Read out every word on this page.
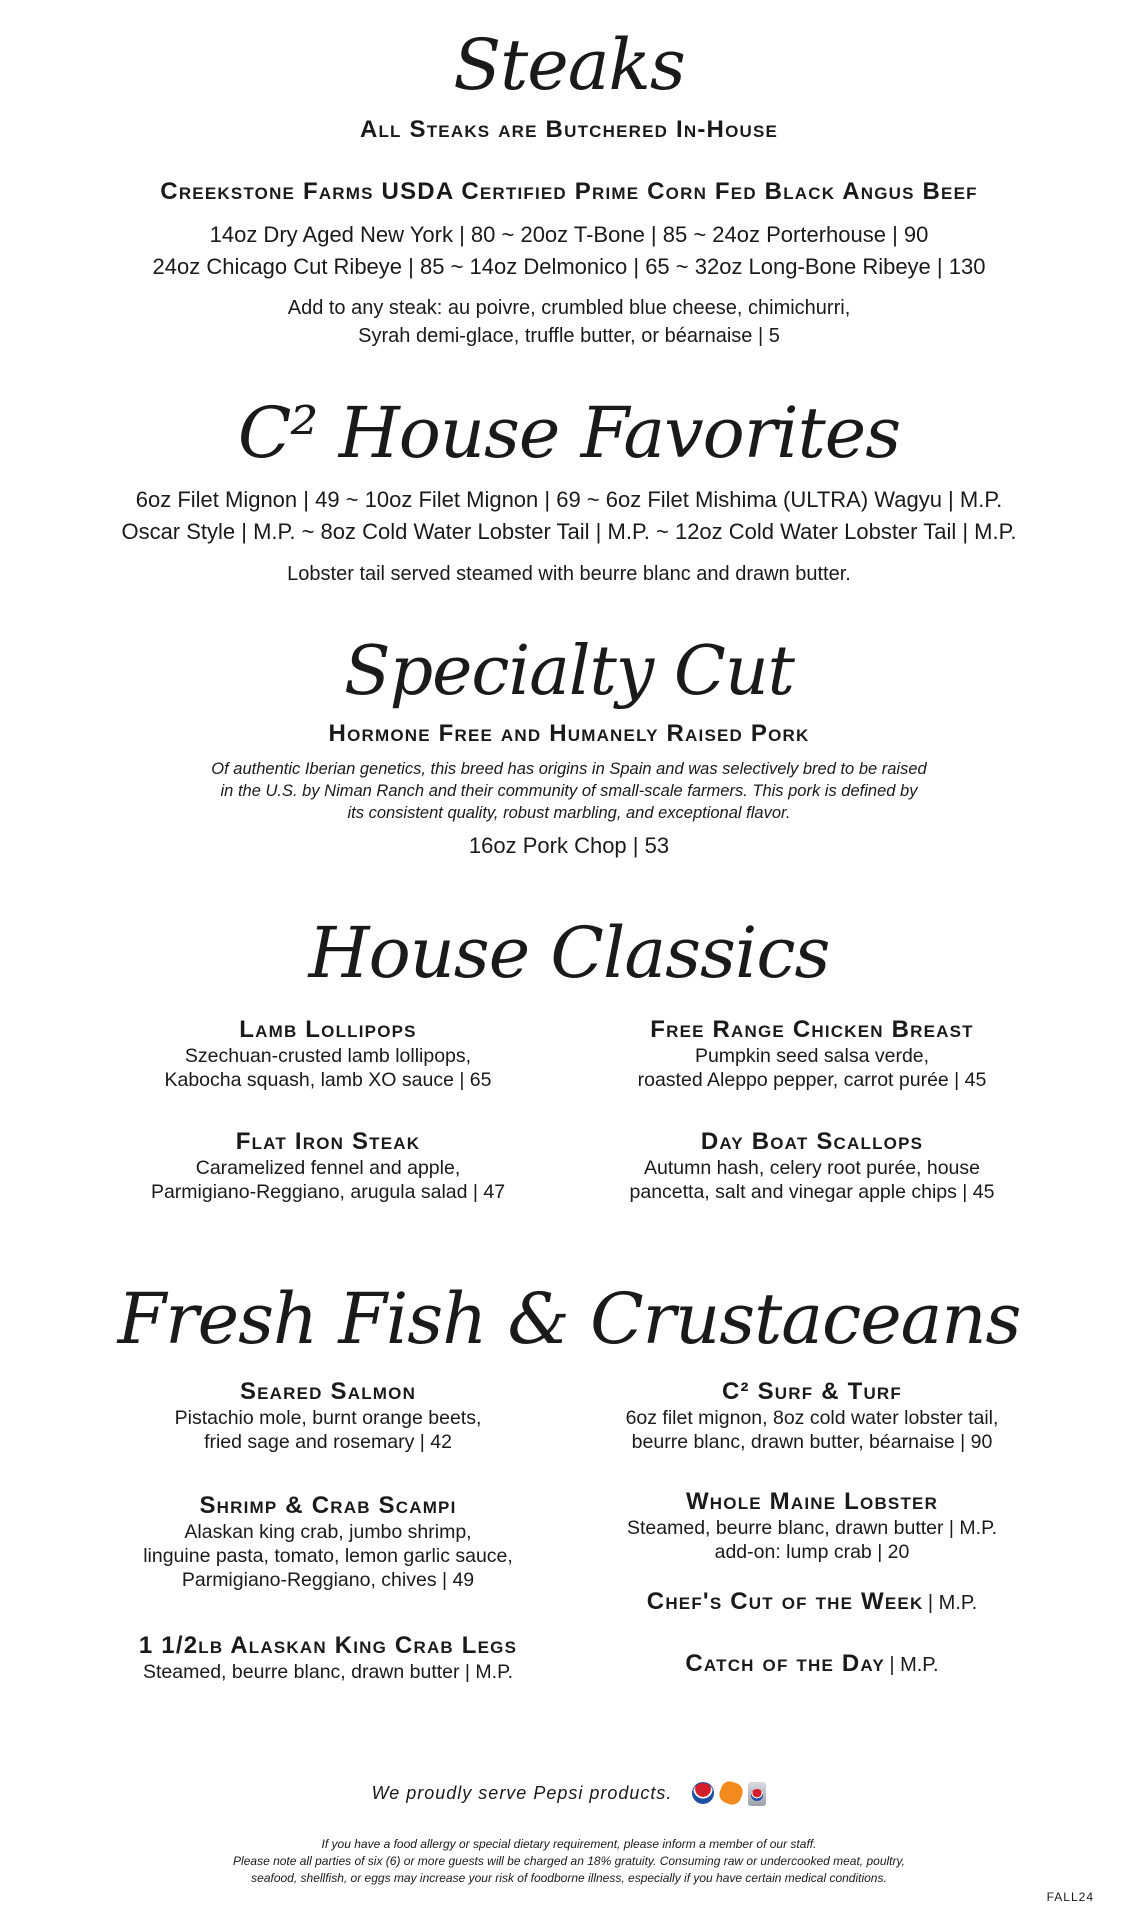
Steaks
All Steaks are Butchered In-House
Creekstone Farms USDA Certified Prime Corn Fed Black Angus Beef
14oz Dry Aged New York | 80 ~ 20oz T-Bone | 85 ~ 24oz Porterhouse | 90
24oz Chicago Cut Ribeye | 85 ~ 14oz Delmonico | 65 ~ 32oz Long-Bone Ribeye | 130
Add to any steak: au poivre, crumbled blue cheese, chimichurri,
Syrah demi-glace, truffle butter, or béarnaise | 5
C² House Favorites
6oz Filet Mignon | 49 ~ 10oz Filet Mignon | 69 ~ 6oz Filet Mishima (ULTRA) Wagyu | M.P.
Oscar Style | M.P. ~ 8oz Cold Water Lobster Tail | M.P. ~ 12oz Cold Water Lobster Tail | M.P.
Lobster tail served steamed with beurre blanc and drawn butter.
Specialty Cut
Hormone Free and Humanely Raised Pork
Of authentic Iberian genetics, this breed has origins in Spain and was selectively bred to be raised
in the U.S. by Niman Ranch and their community of small-scale farmers. This pork is defined by
its consistent quality, robust marbling, and exceptional flavor.
16oz Pork Chop | 53
House Classics
Lamb Lollipops
Szechuan-crusted lamb lollipops,
Kabocha squash, lamb XO sauce | 65
Flat Iron Steak
Caramelized fennel and apple,
Parmigiano-Reggiano, arugula salad | 47
Free Range Chicken Breast
Pumpkin seed salsa verde,
roasted Aleppo pepper, carrot purée | 45
Day Boat Scallops
Autumn hash, celery root purée, house
pancetta, salt and vinegar apple chips | 45
Fresh Fish & Crustaceans
Seared Salmon
Pistachio mole, burnt orange beets,
fried sage and rosemary | 42
Shrimp & Crab Scampi
Alaskan king crab, jumbo shrimp,
linguine pasta, tomato, lemon garlic sauce,
Parmigiano-Reggiano, chives | 49
1 1/2lb Alaskan King Crab Legs
Steamed, beurre blanc, drawn butter | M.P.
C² Surf & Turf
6oz filet mignon, 8oz cold water lobster tail,
beurre blanc, drawn butter, béarnaise | 90
Whole Maine Lobster
Steamed, beurre blanc, drawn butter | M.P.
add-on: lump crab | 20
Chef's Cut of the Week | M.P.
Catch of the Day | M.P.
We proudly serve Pepsi products.
If you have a food allergy or special dietary requirement, please inform a member of our staff.
Please note all parties of six (6) or more guests will be charged an 18% gratuity. Consuming raw or undercooked meat, poultry,
seafood, shellfish, or eggs may increase your risk of foodborne illness, especially if you have certain medical conditions.
FALL24
